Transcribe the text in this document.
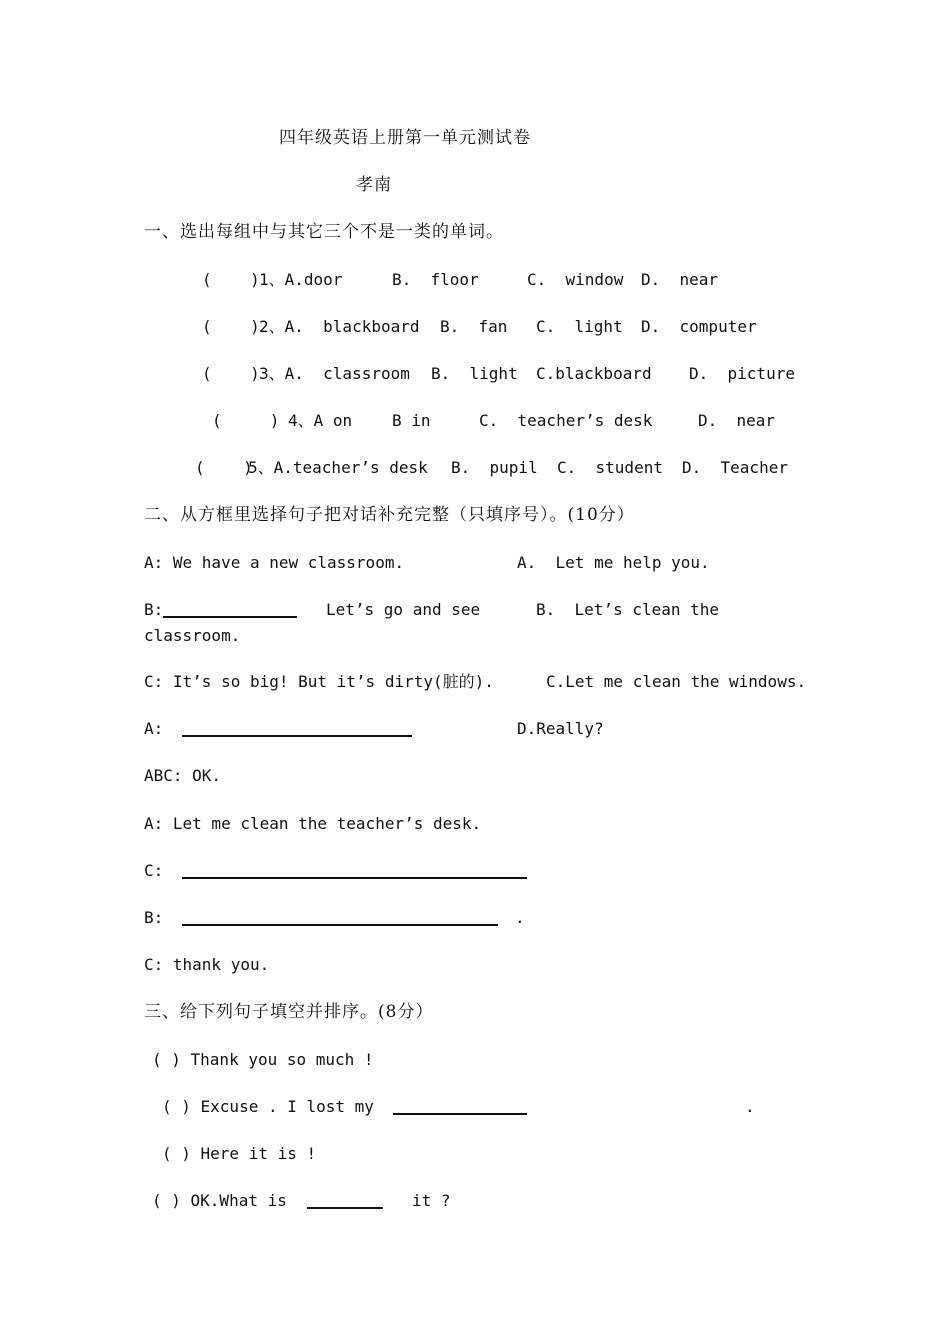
四年级英语上册第一单元测试卷
孝南
一、选出每组中与其它三个不是一类的单词。
(    ) 1、A.door	B.  floor	C.  window D.  near
(    ) 2、A.  blackboard B.  fan C.  light D.  computer
(    ) 3、A.  classroom B.  light C.blackboard D.  picture
(     ) 4、A on B in	C.  teacher’s desk	D.  near
(    )
5、A.teacher’s desk B.  pupil C.  student D.  Teacher
二、从方框里选择句子把对话补充完整（只填序号）。(10分）
A: We have a new classroom.	A.  Let me help you.
B:	Let’s go and see	B.  Let’s clean the
classroom.
C: It’s so big! But it’s dirty(脏的).	C.Let me clean the windows.
A:	D.Really?
ABC: OK.
A: Let me clean the teacher’s desk.
C:
B:	.
C: thank you.
三、给下列句子填空并排序。(8分）
( ) Thank you so much !
( ) Excuse . I lost my	.
( ) Here it is !
( ) OK.What is	it ?
